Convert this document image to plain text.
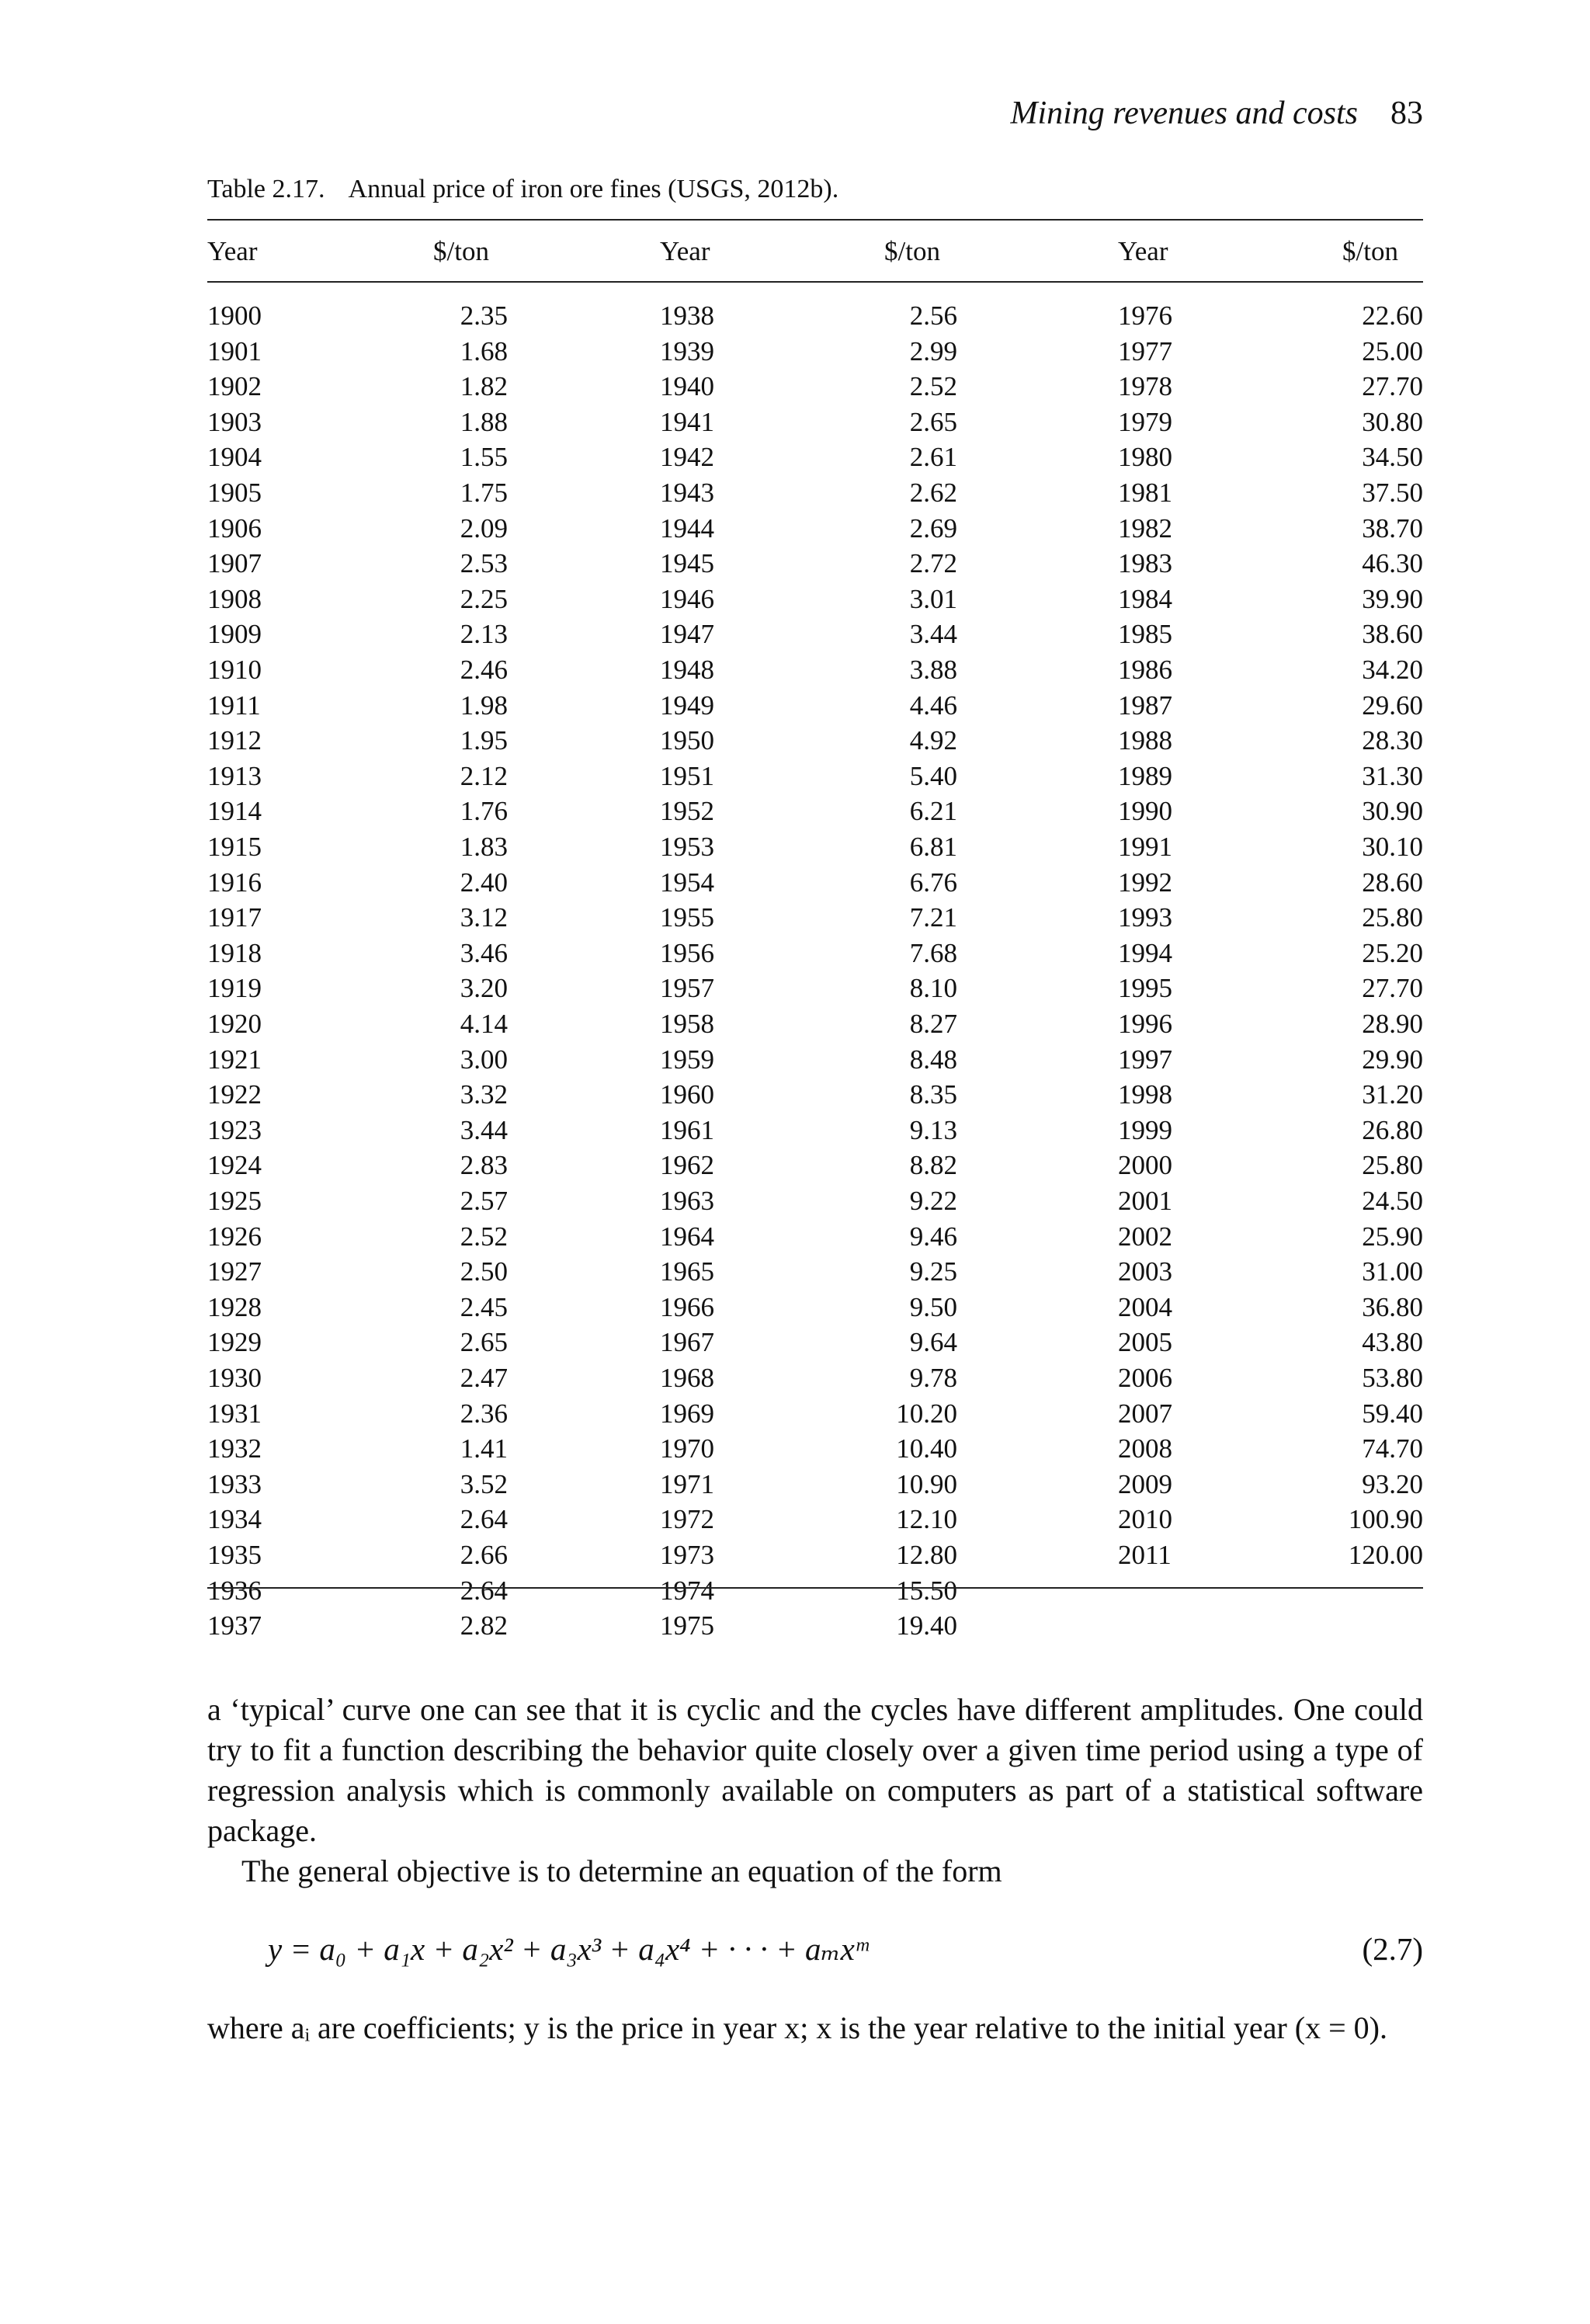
Mining revenues and costs 83
Table 2.17. Annual price of iron ore fines (USGS, 2012b).
Year	$/ton	Year	$/ton	Year	$/ton
1900	2.35	1938	2.56	1976	22.60
1901	1.68	1939	2.99	1977	25.00
1902	1.82	1940	2.52	1978	27.70
1903	1.88	1941	2.65	1979	30.80
1904	1.55	1942	2.61	1980	34.50
1905	1.75	1943	2.62	1981	37.50
1906	2.09	1944	2.69	1982	38.70
1907	2.53	1945	2.72	1983	46.30
1908	2.25	1946	3.01	1984	39.90
1909	2.13	1947	3.44	1985	38.60
1910	2.46	1948	3.88	1986	34.20
1911	1.98	1949	4.46	1987	29.60
1912	1.95	1950	4.92	1988	28.30
1913	2.12	1951	5.40	1989	31.30
1914	1.76	1952	6.21	1990	30.90
1915	1.83	1953	6.81	1991	30.10
1916	2.40	1954	6.76	1992	28.60
1917	3.12	1955	7.21	1993	25.80
1918	3.46	1956	7.68	1994	25.20
1919	3.20	1957	8.10	1995	27.70
1920	4.14	1958	8.27	1996	28.90
1921	3.00	1959	8.48	1997	29.90
1922	3.32	1960	8.35	1998	31.20
1923	3.44	1961	9.13	1999	26.80
1924	2.83	1962	8.82	2000	25.80
1925	2.57	1963	9.22	2001	24.50
1926	2.52	1964	9.46	2002	25.90
1927	2.50	1965	9.25	2003	31.00
1928	2.45	1966	9.50	2004	36.80
1929	2.65	1967	9.64	2005	43.80
1930	2.47	1968	9.78	2006	53.80
1931	2.36	1969	10.20	2007	59.40
1932	1.41	1970	10.40	2008	74.70
1933	3.52	1971	10.90	2009	93.20
1934	2.64	1972	12.10	2010	100.90
1935	2.66	1973	12.80	2011	120.00
1936	2.64	1974	15.50
1937	2.82	1975	19.40
a ‘typical’ curve one can see that it is cyclic and the cycles have different amplitudes. One could try to fit a function describing the behavior quite closely over a given time period using a type of regression analysis which is commonly available on computers as part of a statistical software package.
The general objective is to determine an equation of the form
y = a₀ + a₁x + a₂x² + a₃x³ + a₄x⁴ + · · · + aₘxᵐ	(2.7)
where aᵢ are coefficients; y is the price in year x; x is the year relative to the initial year (x = 0).
